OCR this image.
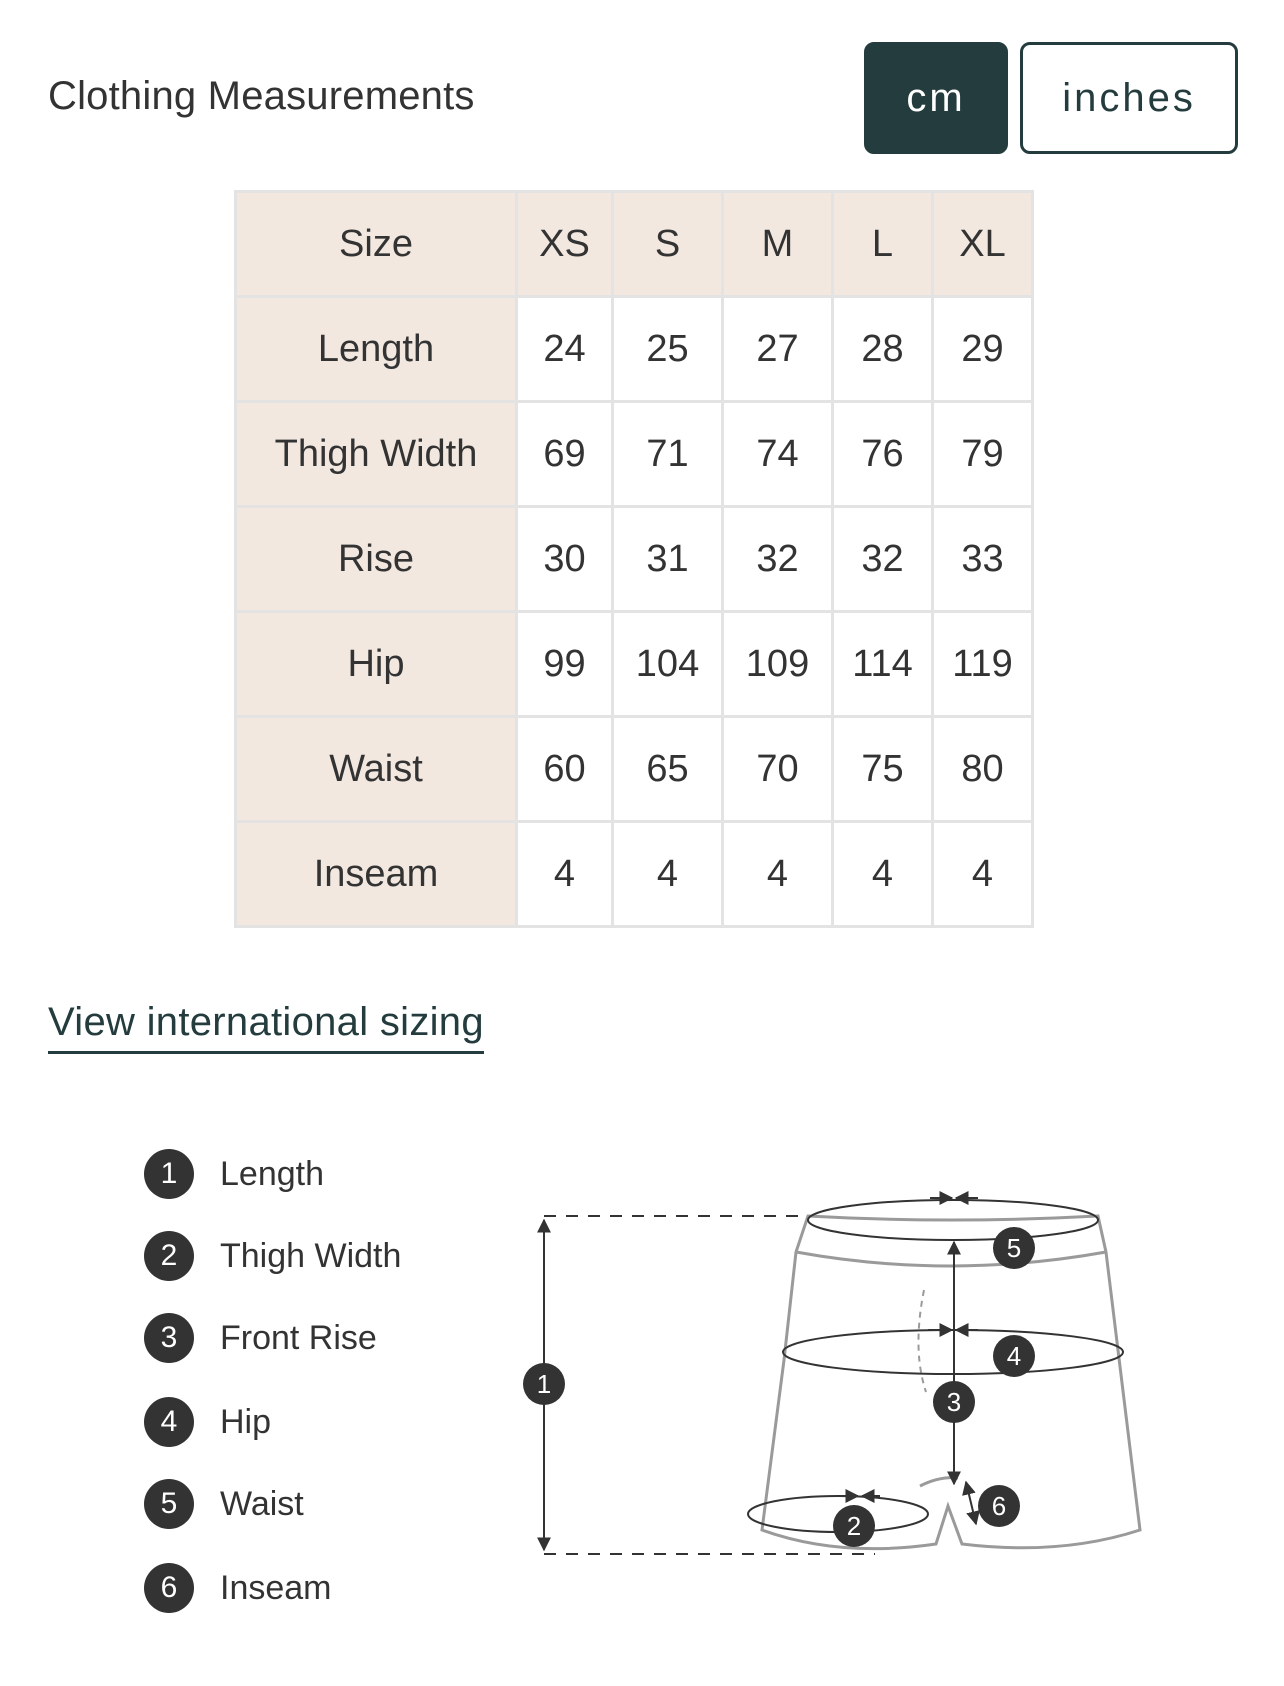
Clothing Measurements	cm	inches
Size	XS	S	M	L	XL
Length	24	25	27	28	29
Thigh Width	69	71	74	76	79
Rise	30	31	32	32	33
Hip	99	104	109	114	119
Waist	60	65	70	75	80
Inseam	4	4	4	4	4
View international sizing
1	Length
2	Thigh Width
3	Front Rise
4	Hip
5	Waist
6	Inseam
1
2
3
4
5
6
